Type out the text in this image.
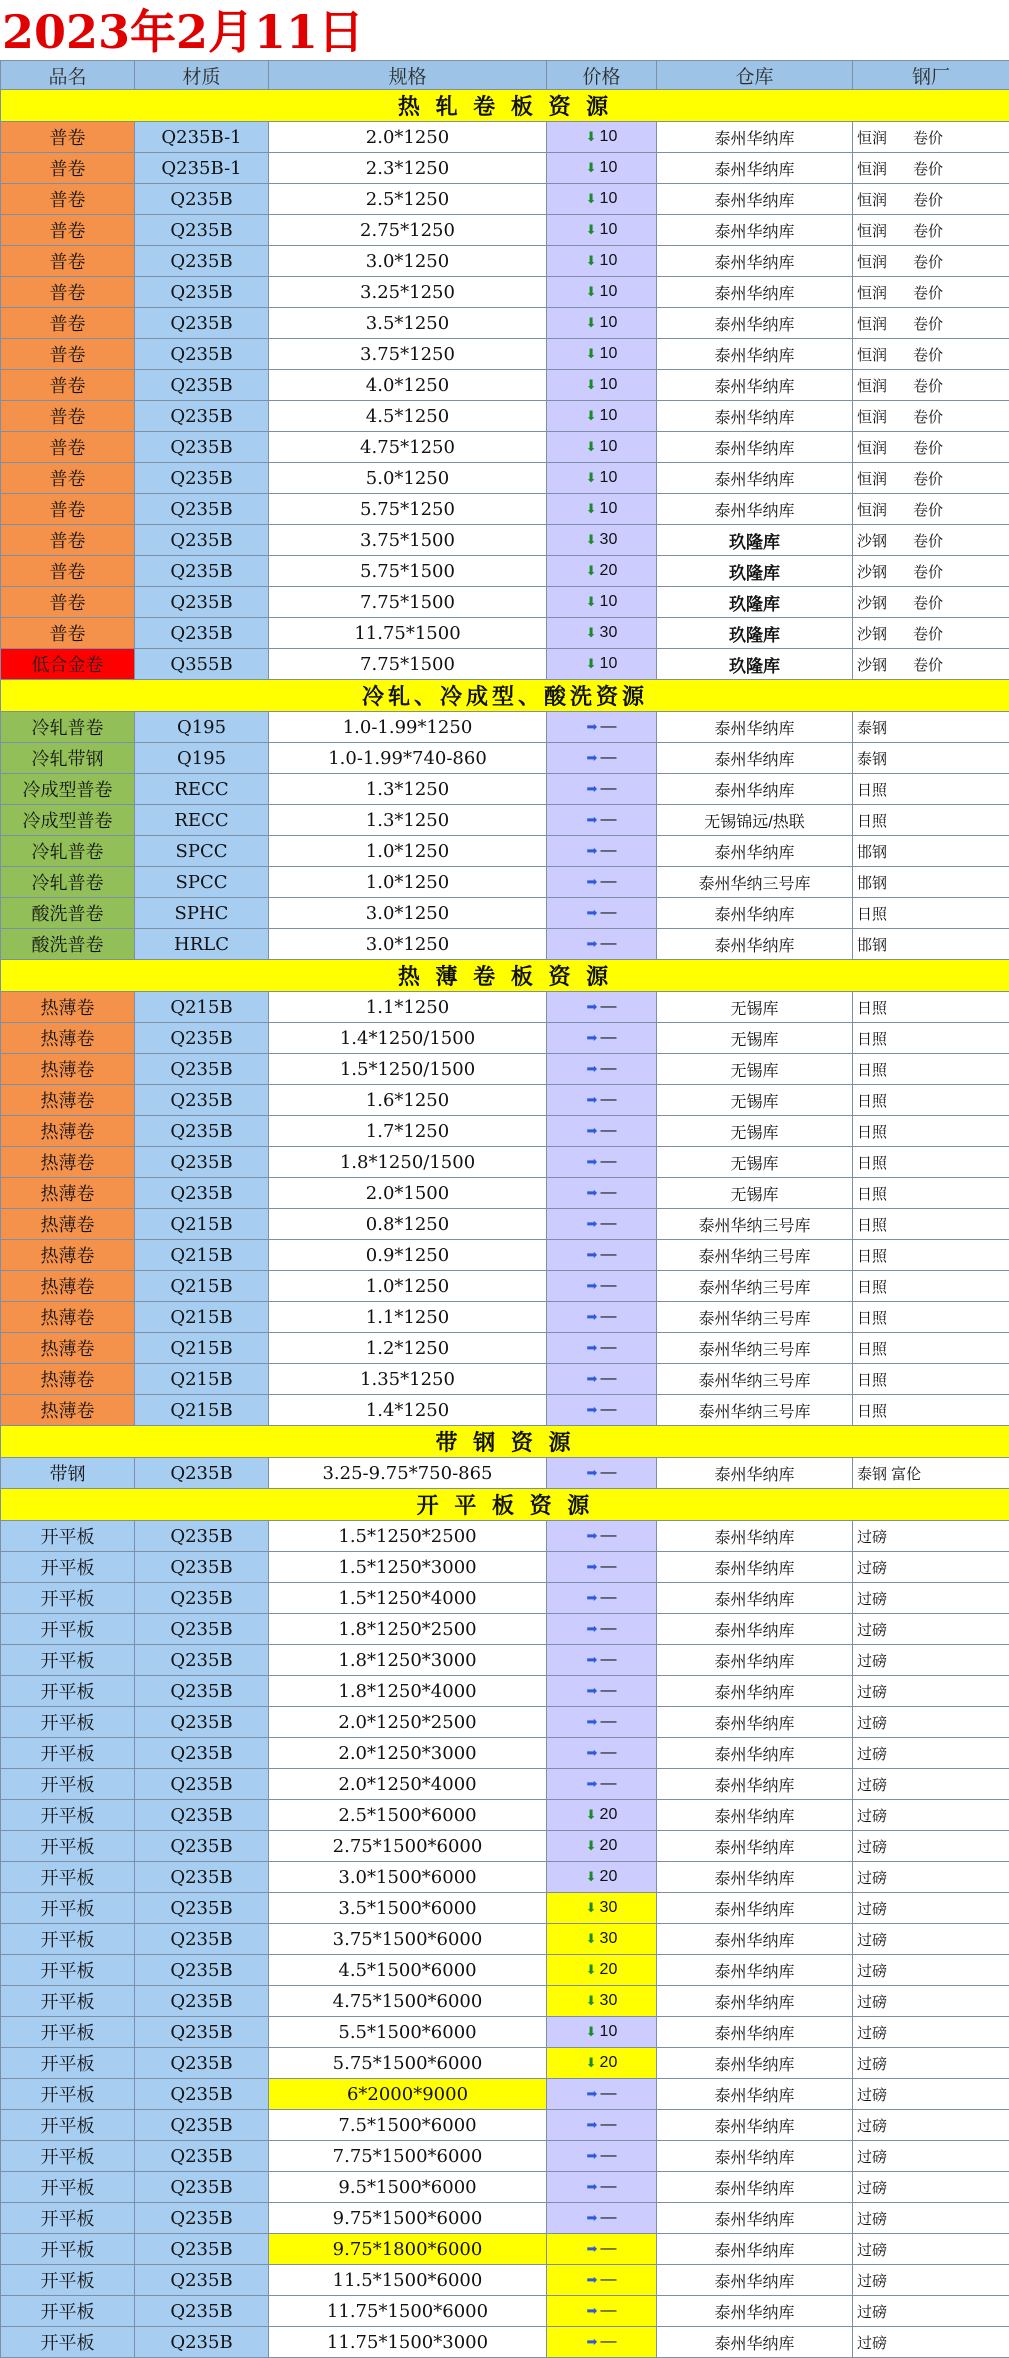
2023年2月11日
品名	材质	规格	价格	仓库	钢厂
热 轧 卷 板 资 源					
普卷	Q235B-1	2.0*1250	⬇ 10	泰州华纳库	恒润 卷价
普卷	Q235B-1	2.3*1250	⬇ 10	泰州华纳库	恒润 卷价
普卷	Q235B	2.5*1250	⬇ 10	泰州华纳库	恒润 卷价
普卷	Q235B	2.75*1250	⬇ 10	泰州华纳库	恒润 卷价
普卷	Q235B	3.0*1250	⬇ 10	泰州华纳库	恒润 卷价
普卷	Q235B	3.25*1250	⬇ 10	泰州华纳库	恒润 卷价
普卷	Q235B	3.5*1250	⬇ 10	泰州华纳库	恒润 卷价
普卷	Q235B	3.75*1250	⬇ 10	泰州华纳库	恒润 卷价
普卷	Q235B	4.0*1250	⬇ 10	泰州华纳库	恒润 卷价
普卷	Q235B	4.5*1250	⬇ 10	泰州华纳库	恒润 卷价
普卷	Q235B	4.75*1250	⬇ 10	泰州华纳库	恒润 卷价
普卷	Q235B	5.0*1250	⬇ 10	泰州华纳库	恒润 卷价
普卷	Q235B	5.75*1250	⬇ 10	泰州华纳库	恒润 卷价
普卷	Q235B	3.75*1500	⬇ 30	玖隆库	沙钢 卷价
普卷	Q235B	5.75*1500	⬇ 20	玖隆库	沙钢 卷价
普卷	Q235B	7.75*1500	⬇ 10	玖隆库	沙钢 卷价
普卷	Q235B	11.75*1500	⬇ 30	玖隆库	沙钢 卷价
低合金卷	Q355B	7.75*1500	⬇ 10	玖隆库	沙钢 卷价
冷轧、冷成型、酸洗资源					
冷轧普卷	Q195	1.0-1.99*1250	➡ —	泰州华纳库	泰钢
冷轧带钢	Q195	1.0-1.99*740-860	➡ —	泰州华纳库	泰钢
冷成型普卷	RECC	1.3*1250	➡ —	泰州华纳库	日照
冷成型普卷	RECC	1.3*1250	➡ —	无锡锦远/热联	日照
冷轧普卷	SPCC	1.0*1250	➡ —	泰州华纳库	邯钢
冷轧普卷	SPCC	1.0*1250	➡ —	泰州华纳三号库	邯钢
酸洗普卷	SPHC	3.0*1250	➡ —	泰州华纳库	日照
酸洗普卷	HRLC	3.0*1250	➡ —	泰州华纳库	邯钢
热 薄 卷 板 资 源					
热薄卷	Q215B	1.1*1250	➡ —	无锡库	日照
热薄卷	Q235B	1.4*1250/1500	➡ —	无锡库	日照
热薄卷	Q235B	1.5*1250/1500	➡ —	无锡库	日照
热薄卷	Q235B	1.6*1250	➡ —	无锡库	日照
热薄卷	Q235B	1.7*1250	➡ —	无锡库	日照
热薄卷	Q235B	1.8*1250/1500	➡ —	无锡库	日照
热薄卷	Q235B	2.0*1500	➡ —	无锡库	日照
热薄卷	Q215B	0.8*1250	➡ —	泰州华纳三号库	日照
热薄卷	Q215B	0.9*1250	➡ —	泰州华纳三号库	日照
热薄卷	Q215B	1.0*1250	➡ —	泰州华纳三号库	日照
热薄卷	Q215B	1.1*1250	➡ —	泰州华纳三号库	日照
热薄卷	Q215B	1.2*1250	➡ —	泰州华纳三号库	日照
热薄卷	Q215B	1.35*1250	➡ —	泰州华纳三号库	日照
热薄卷	Q215B	1.4*1250	➡ —	泰州华纳三号库	日照
带 钢 资 源					
带钢	Q235B	3.25-9.75*750-865	➡ —	泰州华纳库	泰钢 富伦
开 平 板 资 源					
开平板	Q235B	1.5*1250*2500	➡ —	泰州华纳库	过磅
开平板	Q235B	1.5*1250*3000	➡ —	泰州华纳库	过磅
开平板	Q235B	1.5*1250*4000	➡ —	泰州华纳库	过磅
开平板	Q235B	1.8*1250*2500	➡ —	泰州华纳库	过磅
开平板	Q235B	1.8*1250*3000	➡ —	泰州华纳库	过磅
开平板	Q235B	1.8*1250*4000	➡ —	泰州华纳库	过磅
开平板	Q235B	2.0*1250*2500	➡ —	泰州华纳库	过磅
开平板	Q235B	2.0*1250*3000	➡ —	泰州华纳库	过磅
开平板	Q235B	2.0*1250*4000	➡ —	泰州华纳库	过磅
开平板	Q235B	2.5*1500*6000	⬇ 20	泰州华纳库	过磅
开平板	Q235B	2.75*1500*6000	⬇ 20	泰州华纳库	过磅
开平板	Q235B	3.0*1500*6000	⬇ 20	泰州华纳库	过磅
开平板	Q235B	3.5*1500*6000	⬇ 30	泰州华纳库	过磅
开平板	Q235B	3.75*1500*6000	⬇ 30	泰州华纳库	过磅
开平板	Q235B	4.5*1500*6000	⬇ 20	泰州华纳库	过磅
开平板	Q235B	4.75*1500*6000	⬇ 30	泰州华纳库	过磅
开平板	Q235B	5.5*1500*6000	⬇ 10	泰州华纳库	过磅
开平板	Q235B	5.75*1500*6000	⬇ 20	泰州华纳库	过磅
开平板	Q235B	6*2000*9000	➡ —	泰州华纳库	过磅
开平板	Q235B	7.5*1500*6000	➡ —	泰州华纳库	过磅
开平板	Q235B	7.75*1500*6000	➡ —	泰州华纳库	过磅
开平板	Q235B	9.5*1500*6000	➡ —	泰州华纳库	过磅
开平板	Q235B	9.75*1500*6000	➡ —	泰州华纳库	过磅
开平板	Q235B	9.75*1800*6000	➡ —	泰州华纳库	过磅
开平板	Q235B	11.5*1500*6000	➡ —	泰州华纳库	过磅
开平板	Q235B	11.75*1500*6000	➡ —	泰州华纳库	过磅
开平板	Q235B	11.75*1500*3000	➡ —	泰州华纳库	过磅
